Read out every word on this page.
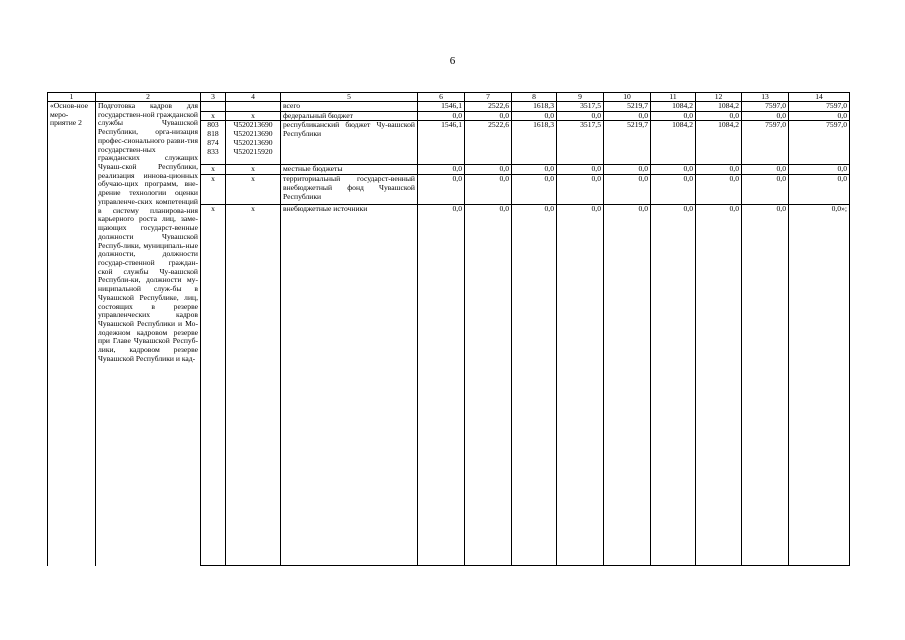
6
1	2	3	4	5	6	7	8	9	10	11	12	13	14
«Основ-ное меро-приятие 2	Подготовка кадров для государствен-ной гражданской службы Чувашской Республики, орга-низация профес-сионального разви-тия государствен-ных гражданских служащих Чуваш-ской Республики, реализация иннова-ционных обучаю-щих программ, вне-дрение технологии оценки управленче-ских компетенций в систему планирова-ния карьерного роста лиц, заме-щающих государст-венные должности Чувашской Респуб-лики, муниципаль-ные должности, должности государ-ственной граждан-ской службы Чу-вашской Республи-ки, должности му-ниципальной служ-бы в Чувашской Республике, лиц, состоящих в резерве управленческих кадров Чувашской Республики и Мо-лодежном кадровом резерве при Главе Чувашской Респуб-лики, кадровом резерве Чувашской Республики и кад-			всего	1546,1	2522,6	1618,3	3517,5	5219,7	1084,2	1084,2	7597,0	7597,0

		х	х	федеральный бюджет	0,0	0,0	0,0	0,0	0,0	0,0	0,0	0,0	0,0

		803
818
874
833	Ч520213690
Ч520213690
Ч520213690
Ч520215920	республиканский бюджет Чу-вашской Республики	1546,1	2522,6	1618,3	3517,5	5219,7	1084,2	1084,2	7597,0	7597,0

		х	х	местные бюджеты	0,0	0,0	0,0	0,0	0,0	0,0	0,0	0,0	0,0

		х	х	территориальный государст-венный внебюджетный фонд Чувашской Республики	0,0	0,0	0,0	0,0	0,0	0,0	0,0	0,0	0,0

		х	х	внебюджетные источники	0,0	0,0	0,0	0,0	0,0	0,0	0,0	0,0	0,0»;
